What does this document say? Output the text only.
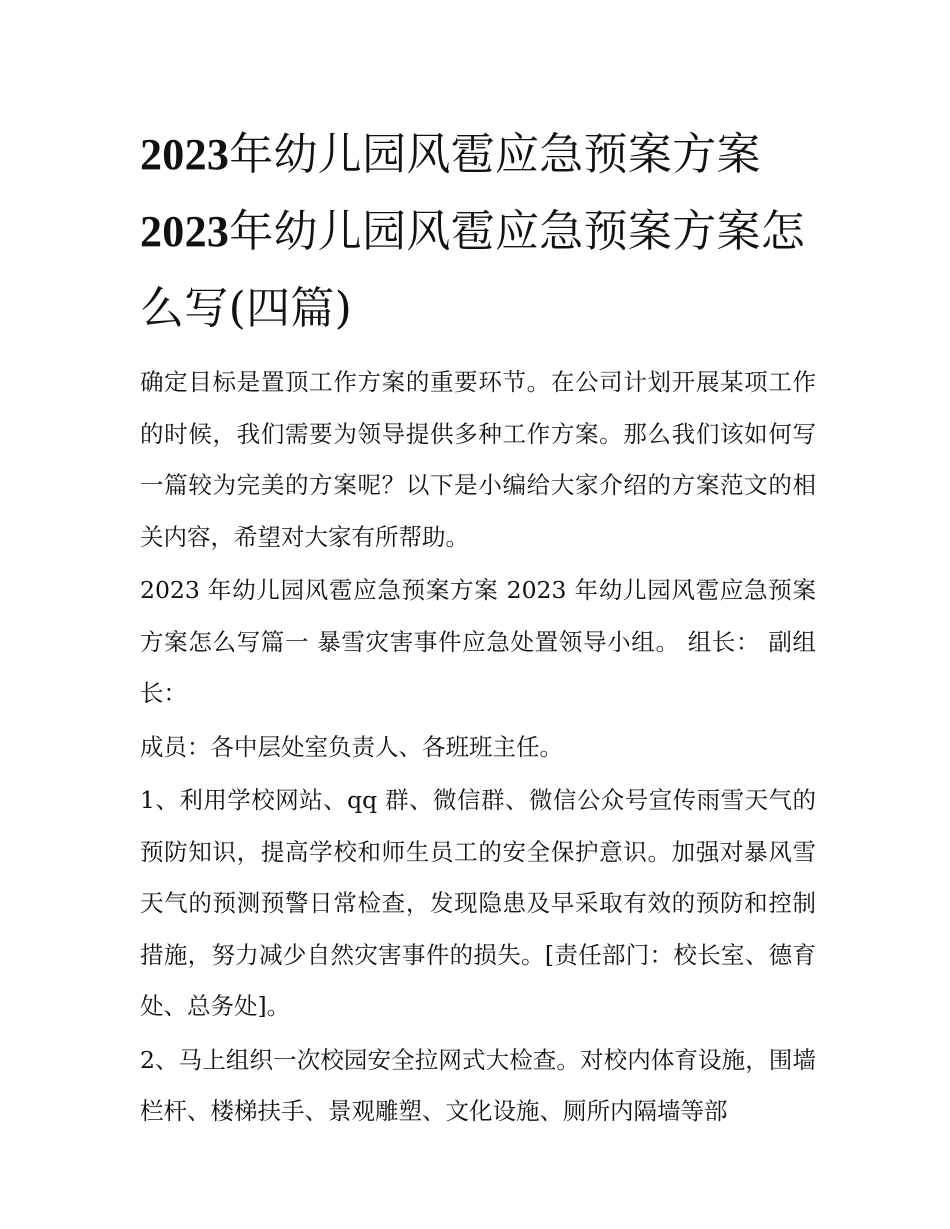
2023年幼儿园风雹应急预案方案 2023年幼儿园风雹应急预案方案怎么写(四篇)

确定目标是置顶工作方案的重要环节。在公司计划开展某项工作的时候，我们需要为领导提供多种工作方案。那么我们该如何写一篇较为完美的方案呢？以下是小编给大家介绍的方案范文的相关内容，希望对大家有所帮助。

2023 年幼儿园风雹应急预案方案 2023 年幼儿园风雹应急预案方案怎么写篇一 暴雪灾害事件应急处置领导小组。 组长： 副组长：

成员：各中层处室负责人、各班班主任。

1、利用学校网站、qq 群、微信群、微信公众号宣传雨雪天气的预防知识，提高学校和师生员工的安全保护意识。加强对暴风雪天气的预测预警日常检查，发现隐患及早采取有效的预防和控制措施，努力减少自然灾害事件的损失。[责任部门：校长室、德育处、总务处]。

2、马上组织一次校园安全拉网式大检查。对校内体育设施，围墙栏杆、楼梯扶手、景观雕塑、文化设施、厕所内隔墙等部
